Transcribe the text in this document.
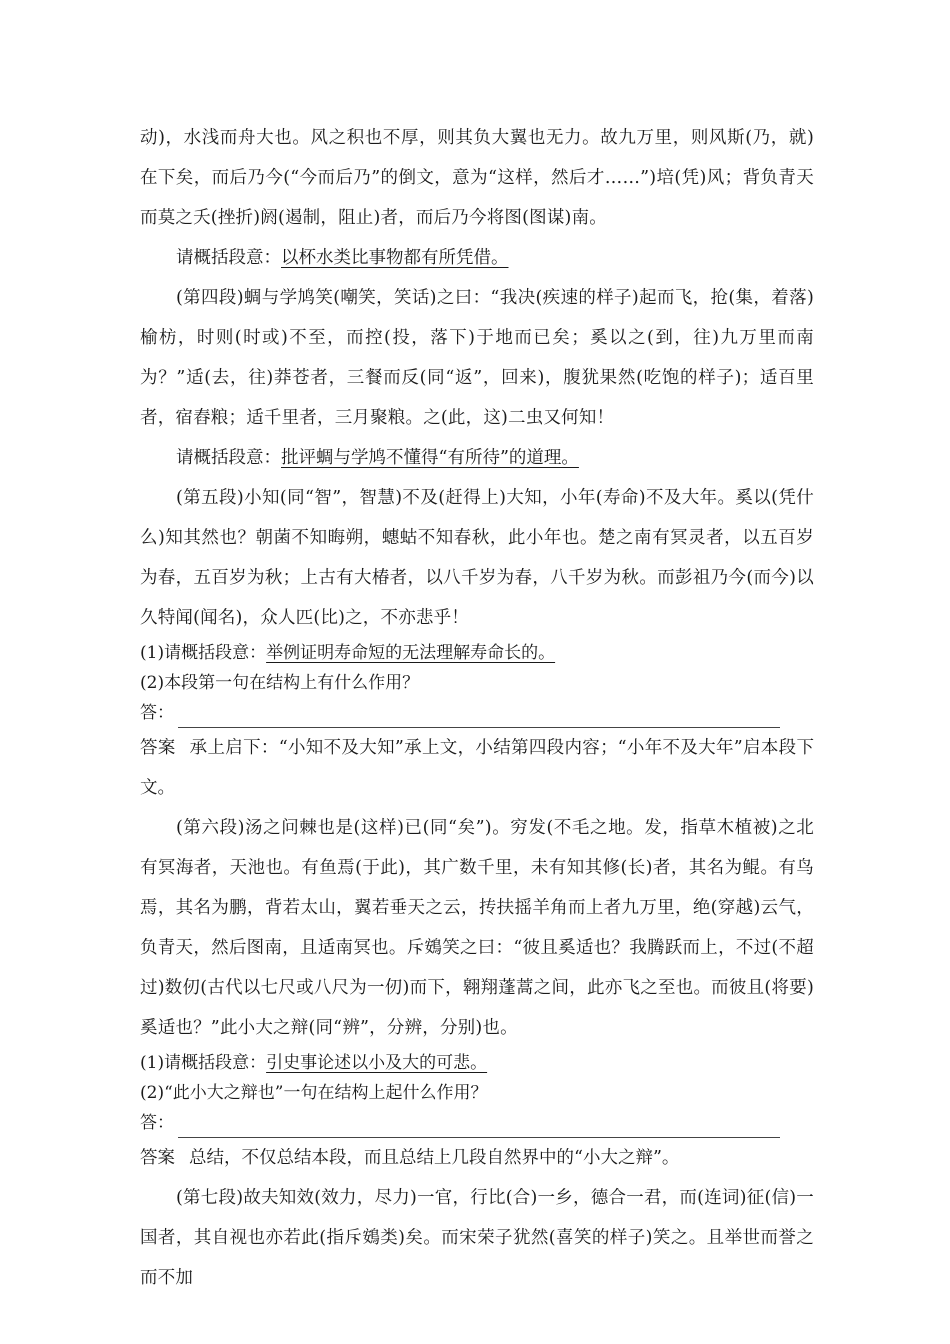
动)，水浅而舟大也。风之积也不厚，则其负大翼也无力。故九万里，则风斯(乃，就)在下矣，而后乃今(“今而后乃”的倒文，意为“这样，然后才……”)培(凭)风；背负青天而莫之夭(挫折)阏(遏制，阻止)者，而后乃今将图(图谋)南。

请概括段意：以杯水类比事物都有所凭借。

(第四段)蜩与学鸠笑(嘲笑，笑话)之曰：“我决(疾速的样子)起而飞，抢(集，着落)榆枋，时则(时或)不至，而控(投，落下)于地而已矣；奚以之(到，往)九万里而南为？”适(去，往)莽苍者，三餐而反(同“返”，回来)，腹犹果然(吃饱的样子)；适百里者，宿舂粮；适千里者，三月聚粮。之(此，这)二虫又何知！

请概括段意：批评蜩与学鸠不懂得“有所待”的道理。

(第五段)小知(同“智”，智慧)不及(赶得上)大知，小年(寿命)不及大年。奚以(凭什么)知其然也？朝菌不知晦朔，蟪蛄不知春秋，此小年也。楚之南有冥灵者，以五百岁为春，五百岁为秋；上古有大椿者，以八千岁为春，八千岁为秋。而彭祖乃今(而今)以久特闻(闻名)，众人匹(比)之，不亦悲乎！

(1)请概括段意：举例证明寿命短的无法理解寿命长的。

(2)本段第一句在结构上有什么作用？

答：

答案 承上启下：“小知不及大知”承上文，小结第四段内容；“小年不及大年”启本段下文。

(第六段)汤之问棘也是(这样)已(同“矣”)。穷发(不毛之地。发，指草木植被)之北有冥海者，天池也。有鱼焉(于此)，其广数千里，未有知其修(长)者，其名为鲲。有鸟焉，其名为鹏，背若太山，翼若垂天之云，抟扶摇羊角而上者九万里，绝(穿越)云气，负青天，然后图南，且适南冥也。斥鴳笑之曰：“彼且奚适也？我腾跃而上，不过(不超过)数仞(古代以七尺或八尺为一仞)而下，翱翔蓬蒿之间，此亦飞之至也。而彼且(将要)奚适也？”此小大之辩(同“辨”，分辨，分别)也。

(1)请概括段意：引史事论述以小及大的可悲。

(2)“此小大之辩也”一句在结构上起什么作用？

答：

答案 总结，不仅总结本段，而且总结上几段自然界中的“小大之辩”。

(第七段)故夫知效(效力，尽力)一官，行比(合)一乡，德合一君，而(连词)征(信)一国者，其自视也亦若此(指斥鴳类)矣。而宋荣子犹然(喜笑的样子)笑之。且举世而誉之而不加
